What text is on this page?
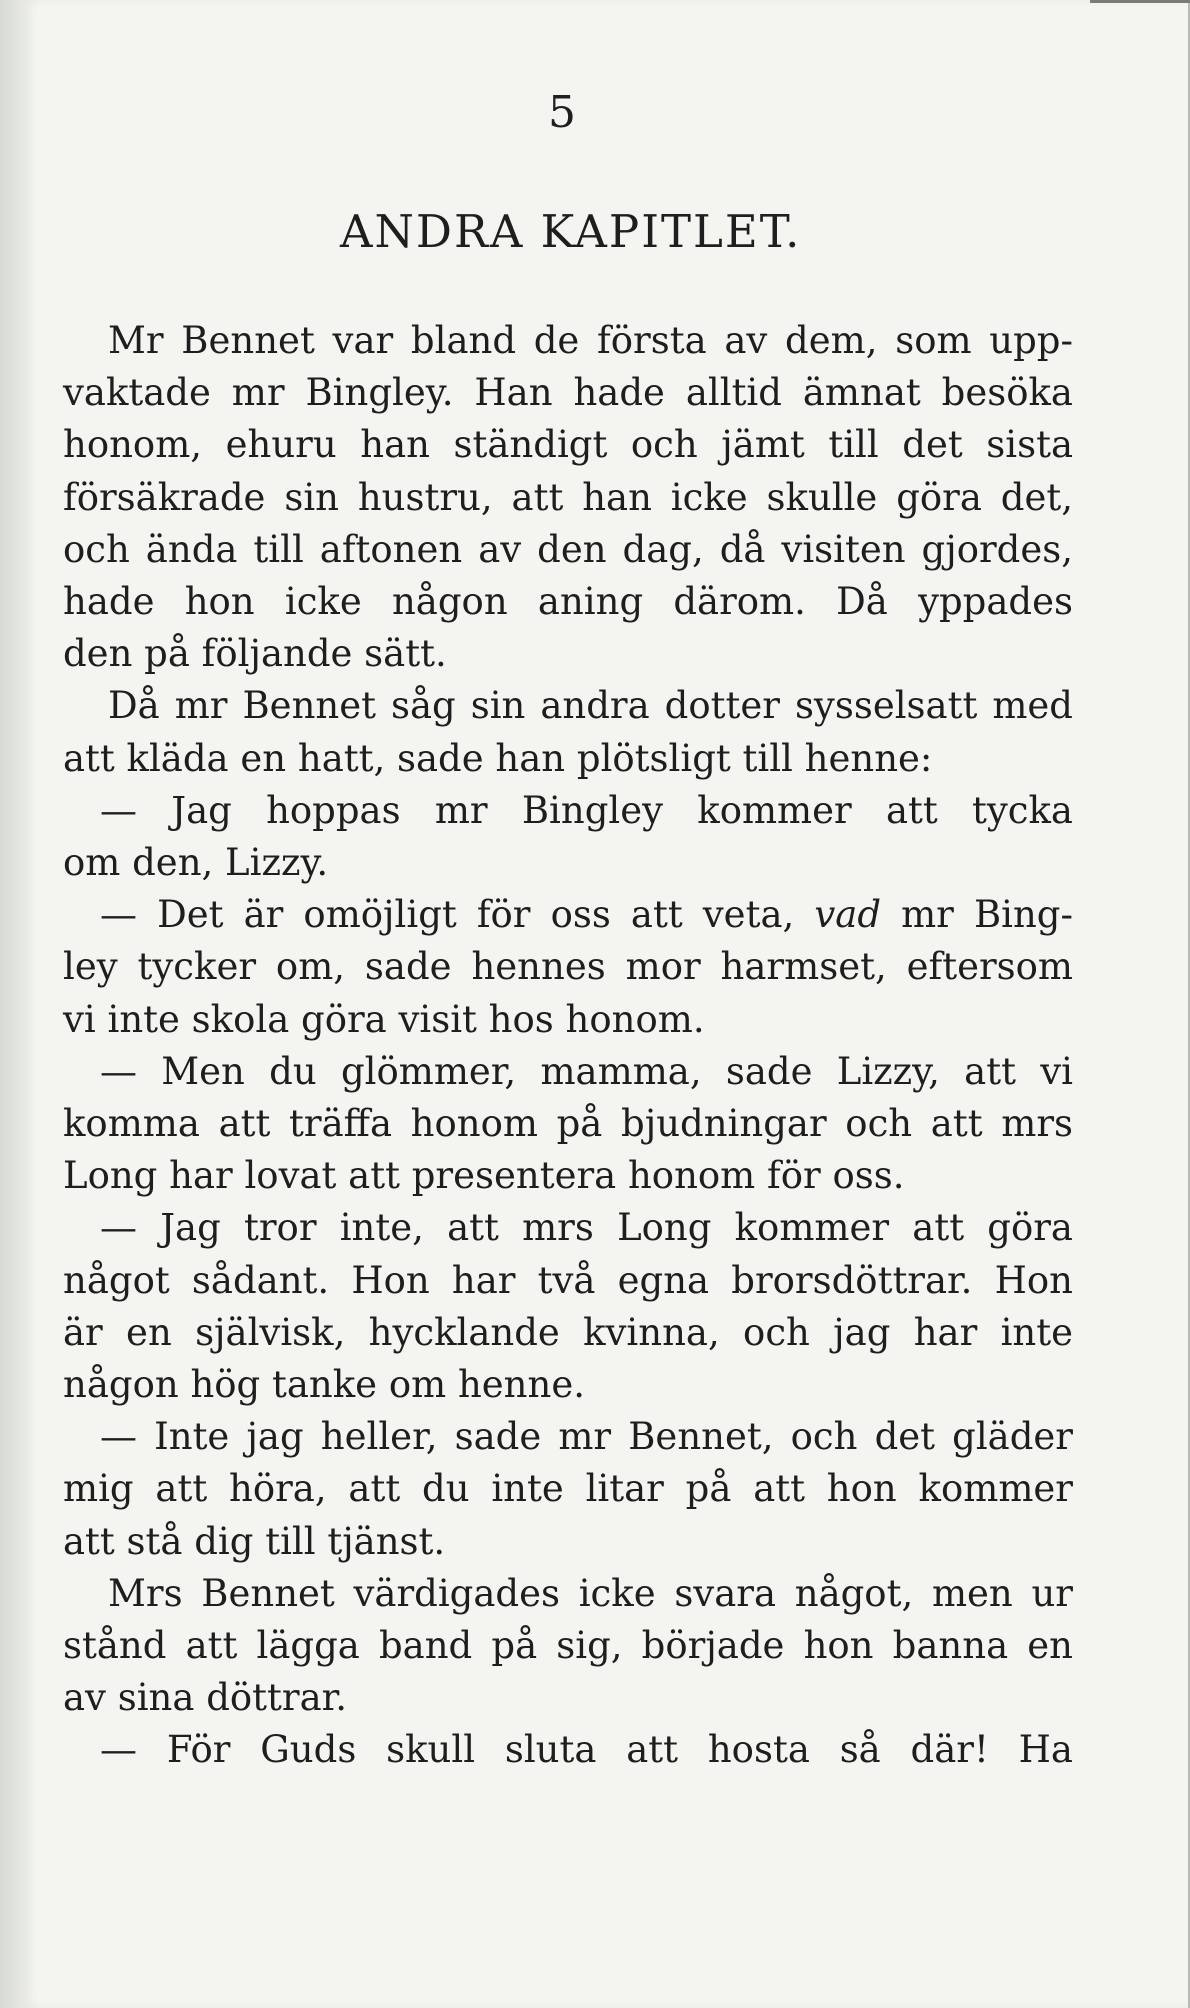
5
ANDRA KAPITLET.
Mr Bennet var bland de första av dem, som upp-
vaktade mr Bingley. Han hade alltid ämnat besöka
honom, ehuru han ständigt och jämt till det sista
försäkrade sin hustru, att han icke skulle göra det,
och ända till aftonen av den dag, då visiten gjordes,
hade hon icke någon aning därom. Då yppades
den på följande sätt.
Då mr Bennet såg sin andra dotter sysselsatt med
att kläda en hatt, sade han plötsligt till henne:
— Jag hoppas mr Bingley kommer att tycka
om den, Lizzy.
— Det är omöjligt för oss att veta, vad mr Bing-
ley tycker om, sade hennes mor harmset, eftersom
vi inte skola göra visit hos honom.
— Men du glömmer, mamma, sade Lizzy, att vi
komma att träffa honom på bjudningar och att mrs
Long har lovat att presentera honom för oss.
— Jag tror inte, att mrs Long kommer att göra
något sådant. Hon har två egna brorsdöttrar. Hon
är en självisk, hycklande kvinna, och jag har inte
någon hög tanke om henne.
— Inte jag heller, sade mr Bennet, och det gläder
mig att höra, att du inte litar på att hon kommer
att stå dig till tjänst.
Mrs Bennet värdigades icke svara något, men ur
stånd att lägga band på sig, började hon banna en
av sina döttrar.
— För Guds skull sluta att hosta så där! Ha
